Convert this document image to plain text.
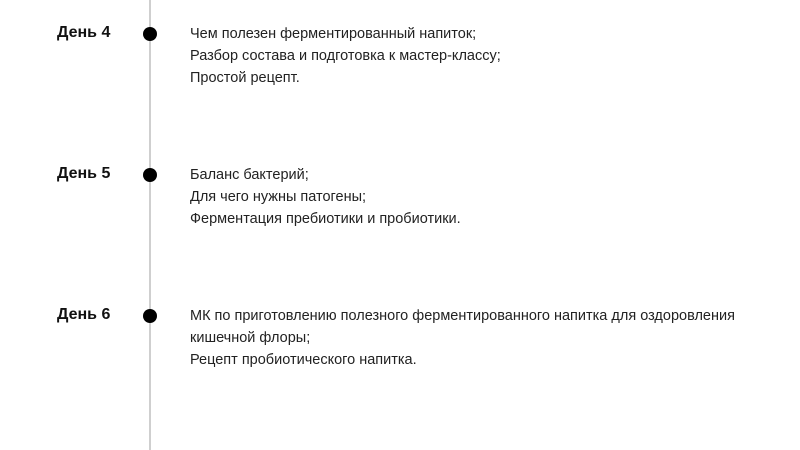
День 4	Чем полезен ферментированный напиток;
Разбор состава и подготовка к мастер-классу;
Простой рецепт.
День 5	Баланс бактерий;
Для чего нужны патогены;
Ферментация пребиотики и пробиотики.
День 6	МК по приготовлению полезного ферментированного напитка для оздоровления кишечной флоры;
Рецепт пробиотического напитка.
